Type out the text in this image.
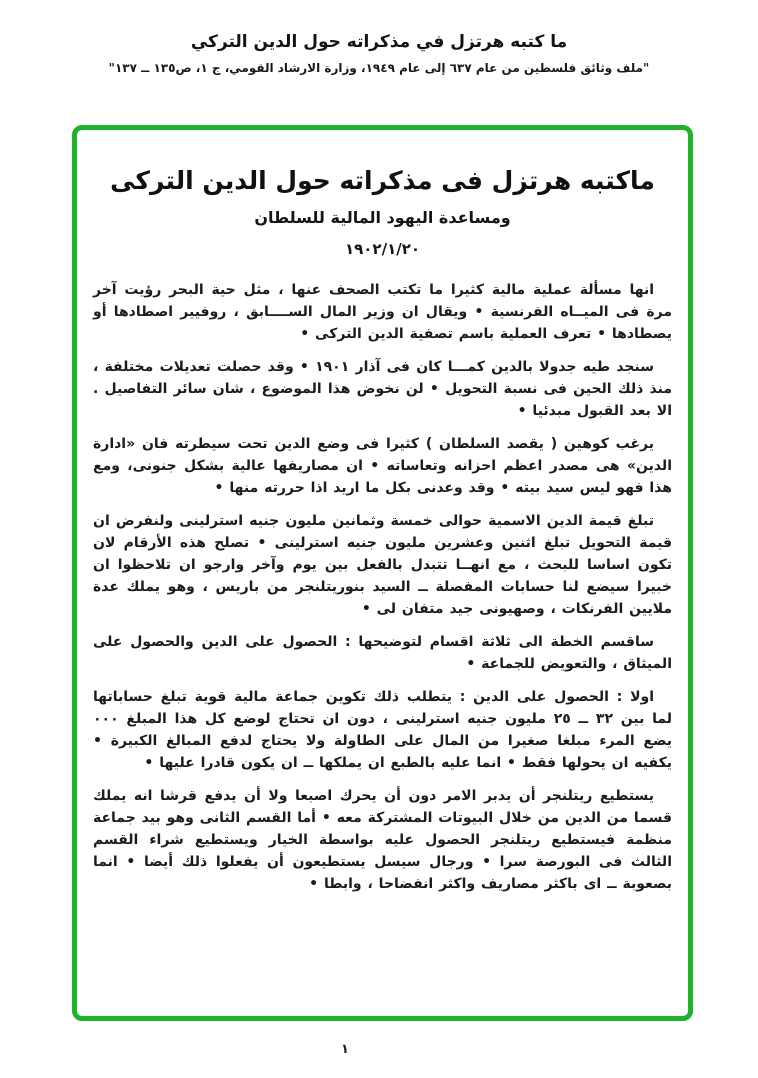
ما كتبه هرتزل في مذكراته حول الدين التركي
"ملف وثائق فلسطين من عام ٦٣٧ إلى عام ١٩٤٩، وزارة الارشاد القومي، ج ١، ص١٣٥ ــ ١٣٧"
ماكتبه هرتزل فى مذكراته حول الدين التركى
ومساعدة اليهود المالية للسلطان
١٩٠٢/١/٢٠

انها مسألة عملية مالية كثيرا ما تكتب الصحف عنها ، مثل حية البحر رؤيت آخر مرة فى الميــاه الفرنسية • ويقال ان وزير المال الســــابق ، روفيير اصطادها أو يصطادها • تعرف العملية باسم تصفية الدين التركى •

سنجد طيه جدولا بالدين كمـــا كان فى آذار ١٩٠١ • وقد حصلت تعديلات مختلفة ، منذ ذلك الحين فى نسبة التحويل • لن نخوض هذا الموضوع ، شان سائر التفاصيل . الا بعد القبول مبدئيا •

يرغب كوهين ( يقصد السلطان ) كثيرا فى وضع الدين تحت سيطرته فان «ادارة الدين» هى مصدر اعظم احزانه وتعاساته • ان مصاريفها عالية بشكل جنونى، ومع هذا فهو ليس سيد بيته • وقد وعدنى بكل ما اريد اذا حررته منها •

تبلغ قيمة الدين الاسمية حوالى خمسة وثمانين مليون جنيه استرلينى ولنفرض ان قيمة التحويل تبلغ اثنين وعشرين مليون جنيه استرلينى • تصلح هذه الأرقام لان تكون اساسا للبحث ، مع انهــا تتبدل بالفعل بين يوم وآخر وارجو ان تلاحظوا ان خبيرا سيضع لنا حسابات المفصلة ــ السيد بنوريتلنجر من باريس ، وهو يملك عدة ملايين الفرنكات ، وصهيونى جيد متفان لى •

ساقسم الخطة الى ثلاثة اقسام لتوضيحها : الحصول على الدين والحصول على الميثاق ، والتعويض للجماعة •

اولا : الحصول على الدين : يتطلب ذلك تكوين جماعة مالية قوية تبلغ حساباتها لما بين ٣٢ ــ ٢٥ مليون جنيه استرلينى ، دون ان تحتاج لوضع كل هذا المبلغ ٠٠٠ يضع المرء مبلغا صغيرا من المال على الطاولة ولا يحتاج لدفع المبالغ الكبيرة • يكفيه ان يحولها فقط • انما عليه بالطبع ان يملكها ــ ان يكون قادرا عليها •

يستطيع ريتلنجر أن يدبر الامر دون أن يحرك اصبعا ولا أن يدفع قرشا انه يملك قسما من الدين من خلال البيوتات المشتركة معه • أما القسم الثانى وهو بيد جماعة منظمة فيستطيع ريتلنجر الحصول عليه بواسطة الخيار ويستطيع شراء القسم الثالث فى البورصة سرا • ورجال سيسل يستطيعون أن يفعلوا ذلك أيضا • انما بصعوبة ــ اى باكثر مصاريف واكثر انفضاحا ، وابطا •

١
